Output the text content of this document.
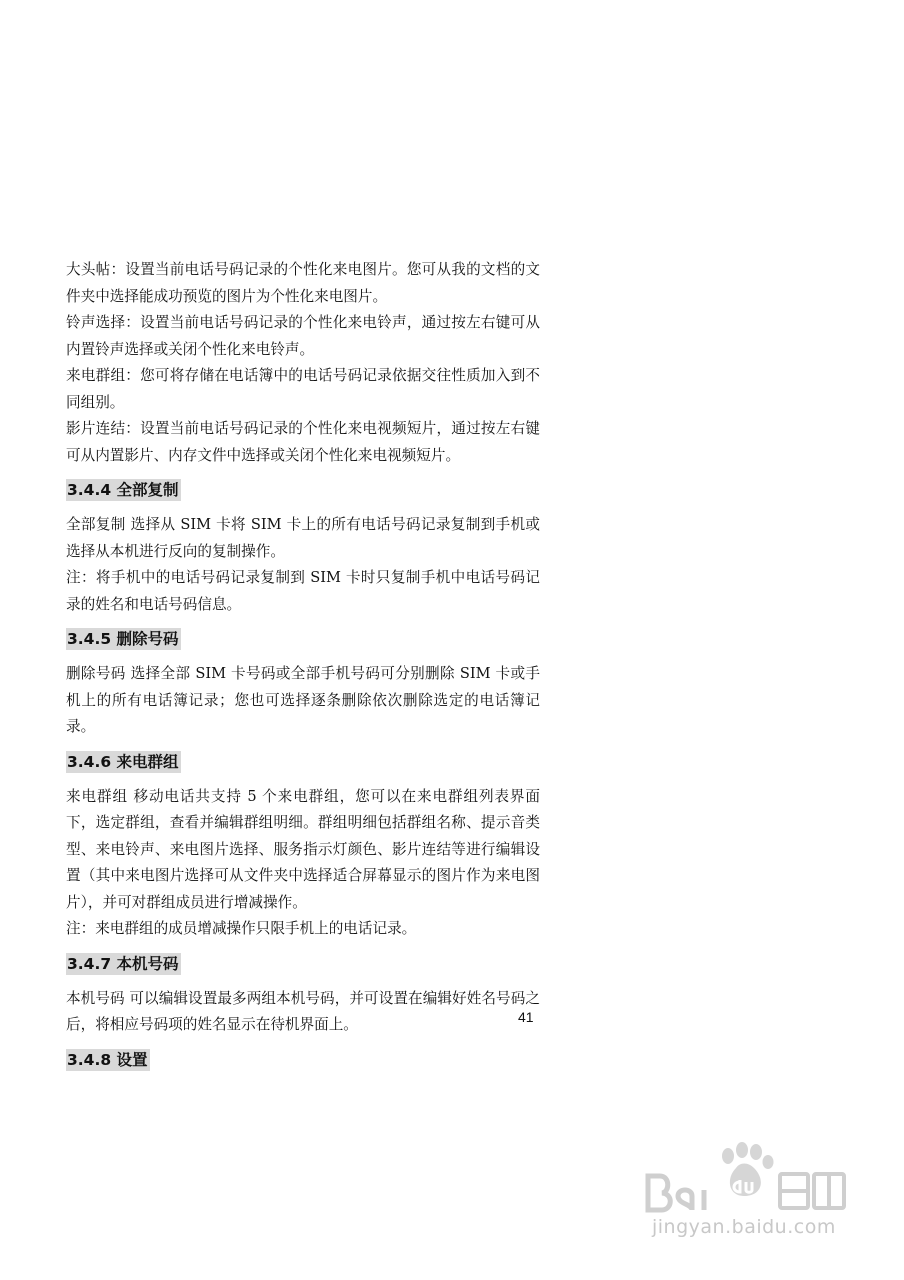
大头帖：设置当前电话号码记录的个性化来电图片。您可从我的文档的文件夹中选择能成功预览的图片为个性化来电图片。

铃声选择：设置当前电话号码记录的个性化来电铃声，通过按左右键可从内置铃声选择或关闭个性化来电铃声。

来电群组：您可将存储在电话簿中的电话号码记录依据交往性质加入到不同组别。

影片连结：设置当前电话号码记录的个性化来电视频短片，通过按左右键可从内置影片、内存文件中选择或关闭个性化来电视频短片。

3.4.4 全部复制

全部复制 选择从 SIM 卡将 SIM 卡上的所有电话号码记录复制到手机或选择从本机进行反向的复制操作。

注：将手机中的电话号码记录复制到 SIM 卡时只复制手机中电话号码记录的姓名和电话号码信息。

3.4.5 删除号码

删除号码 选择全部 SIM 卡号码或全部手机号码可分别删除 SIM 卡或手机上的所有电话簿记录；您也可选择逐条删除依次删除选定的电话簿记录。

3.4.6 来电群组

来电群组 移动电话共支持 5 个来电群组，您可以在来电群组列表界面下，选定群组，查看并编辑群组明细。群组明细包括群组名称、提示音类型、来电铃声、来电图片选择、服务指示灯颜色、影片连结等进行编辑设置（其中来电图片选择可从文件夹中选择适合屏幕显示的图片作为来电图片），并可对群组成员进行增减操作。

注：来电群组的成员增减操作只限手机上的电话记录。

3.4.7 本机号码

本机号码 可以编辑设置最多两组本机号码，并可设置在编辑好姓名号码之后，将相应号码项的姓名显示在待机界面上。

3.4.8 设置
41
jingyan.baidu.com
